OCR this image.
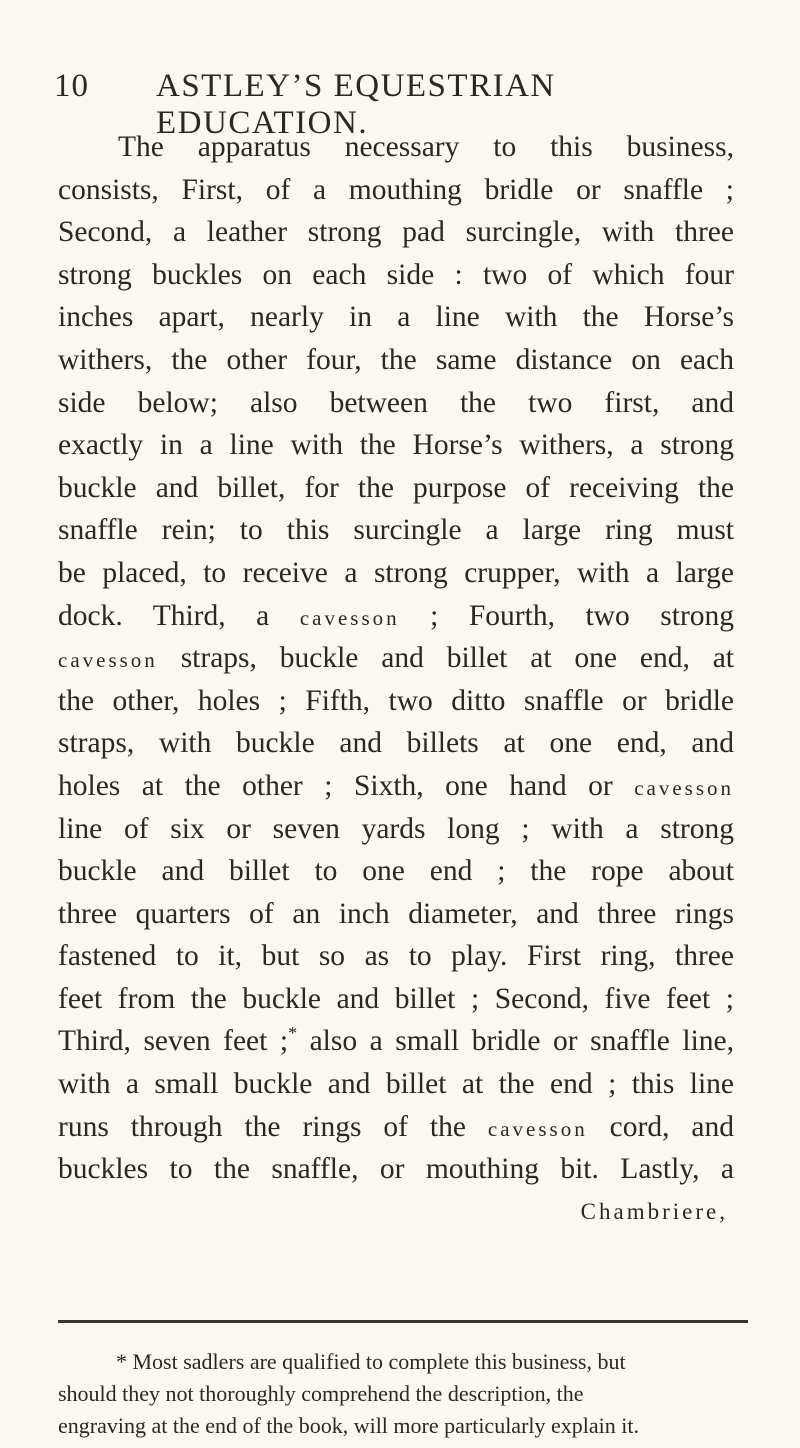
10 ASTLEY’S EQUESTRIAN EDUCATION.
The apparatus necessary to this business,
consists, First, of a mouthing bridle or snaffle ;
Second, a leather strong pad surcingle, with three
strong buckles on each side : two of which four
inches apart, nearly in a line with the Horse’s
withers, the other four, the same distance on each
side below; also between the two first, and
exactly in a line with the Horse’s withers, a strong
buckle and billet, for the purpose of receiving the
snaffle rein; to this surcingle a large ring must
be placed, to receive a strong crupper, with a large
dock. Third, a cavesson ; Fourth, two strong
cavesson straps, buckle and billet at one end, at
the other, holes ; Fifth, two ditto snaffle or bridle
straps, with buckle and billets at one end, and
holes at the other ; Sixth, one hand or cavesson
line of six or seven yards long ; with a strong
buckle and billet to one end ; the rope about
three quarters of an inch diameter, and three rings
fastened to it, but so as to play. First ring, three
feet from the buckle and billet ; Second, five feet ;
Third, seven feet ;* also a small bridle or snaffle line,
with a small buckle and billet at the end ; this line
runs through the rings of the cavesson cord, and
buckles to the snaffle, or mouthing bit. Lastly, a
Chambriere,
* Most sadlers are qualified to complete this business, but
should they not thoroughly comprehend the description, the
engraving at the end of the book, will more particularly explain it.
